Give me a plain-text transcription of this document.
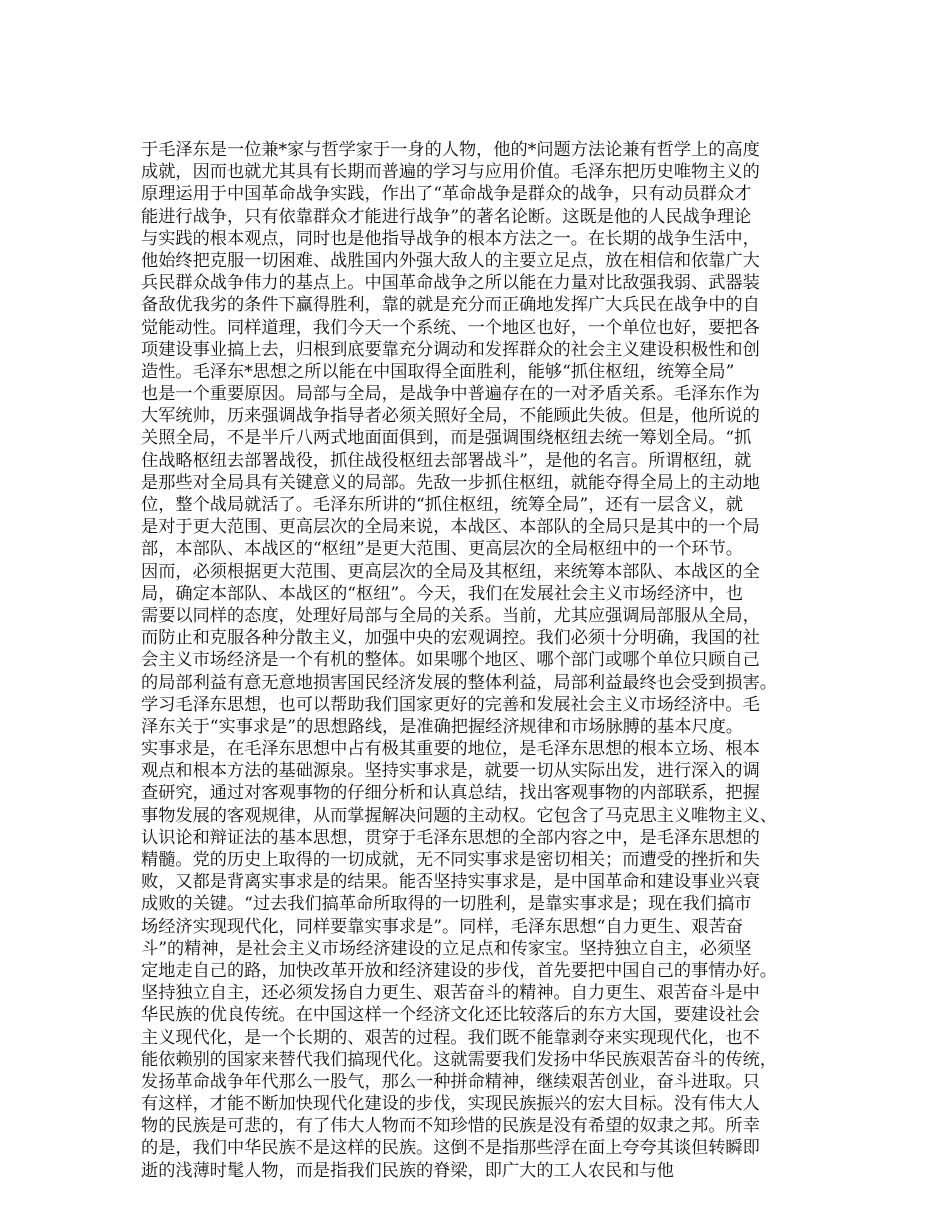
于毛泽东是一位兼*家与哲学家于一身的人物，他的*问题方法论兼有哲学上的高度
成就，因而也就尤其具有长期而普遍的学习与应用价值。毛泽东把历史唯物主义的
原理运用于中国革命战争实践，作出了“革命战争是群众的战争，只有动员群众才
能进行战争，只有依靠群众才能进行战争”的著名论断。这既是他的人民战争理论
与实践的根本观点，同时也是他指导战争的根本方法之一。在长期的战争生活中，
他始终把克服一切困难、战胜国内外强大敌人的主要立足点，放在相信和依靠广大
兵民群众战争伟力的基点上。中国革命战争之所以能在力量对比敌强我弱、武器装
备敌优我劣的条件下赢得胜利，靠的就是充分而正确地发挥广大兵民在战争中的自
觉能动性。同样道理，我们今天一个系统、一个地区也好，一个单位也好，要把各
项建设事业搞上去，归根到底要靠充分调动和发挥群众的社会主义建设积极性和创
造性。毛泽东*思想之所以能在中国取得全面胜利，能够“抓住枢纽，统筹全局”
也是一个重要原因。局部与全局，是战争中普遍存在的一对矛盾关系。毛泽东作为
大军统帅，历来强调战争指导者必须关照好全局，不能顾此失彼。但是，他所说的
关照全局，不是半斤八两式地面面俱到，而是强调围绕枢纽去统一筹划全局。“抓
住战略枢纽去部署战役，抓住战役枢纽去部署战斗”，是他的名言。所谓枢纽，就
是那些对全局具有关键意义的局部。先敌一步抓住枢纽，就能夺得全局上的主动地
位，整个战局就活了。毛泽东所讲的“抓住枢纽，统筹全局”，还有一层含义，就
是对于更大范围、更高层次的全局来说，本战区、本部队的全局只是其中的一个局
部，本部队、本战区的“枢纽”是更大范围、更高层次的全局枢纽中的一个环节。
因而，必须根据更大范围、更高层次的全局及其枢纽，来统筹本部队、本战区的全
局，确定本部队、本战区的“枢纽”。今天，我们在发展社会主义市场经济中，也
需要以同样的态度，处理好局部与全局的关系。当前，尤其应强调局部服从全局，
而防止和克服各种分散主义，加强中央的宏观调控。我们必须十分明确，我国的社
会主义市场经济是一个有机的整体。如果哪个地区、哪个部门或哪个单位只顾自己
的局部利益有意无意地损害国民经济发展的整体利益，局部利益最终也会受到损害。
学习毛泽东思想，也可以帮助我们国家更好的完善和发展社会主义市场经济中。毛
泽东关于“实事求是”的思想路线，是准确把握经济规律和市场脉膊的基本尺度。
实事求是，在毛泽东思想中占有极其重要的地位，是毛泽东思想的根本立场、根本
观点和根本方法的基础源泉。坚持实事求是，就要一切从实际出发，进行深入的调
查研究，通过对客观事物的仔细分析和认真总结，找出客观事物的内部联系，把握
事物发展的客观规律，从而掌握解决问题的主动权。它包含了马克思主义唯物主义、
认识论和辩证法的基本思想，贯穿于毛泽东思想的全部内容之中，是毛泽东思想的
精髓。党的历史上取得的一切成就，无不同实事求是密切相关；而遭受的挫折和失
败，又都是背离实事求是的结果。能否坚持实事求是，是中国革命和建设事业兴衰
成败的关键。“过去我们搞革命所取得的一切胜利，是靠实事求是；现在我们搞市
场经济实现现代化，同样要靠实事求是”。同样，毛泽东思想“自力更生、艰苦奋
斗”的精神，是社会主义市场经济建设的立足点和传家宝。坚持独立自主，必须坚
定地走自己的路，加快改革开放和经济建设的步伐，首先要把中国自己的事情办好。
坚持独立自主，还必须发扬自力更生、艰苦奋斗的精神。自力更生、艰苦奋斗是中
华民族的优良传统。在中国这样一个经济文化还比较落后的东方大国，要建设社会
主义现代化，是一个长期的、艰苦的过程。我们既不能靠剥夺来实现现代化，也不
能依赖别的国家来替代我们搞现代化。这就需要我们发扬中华民族艰苦奋斗的传统，
发扬革命战争年代那么一股气，那么一种拼命精神，继续艰苦创业，奋斗进取。只
有这样，才能不断加快现代化建设的步伐，实现民族振兴的宏大目标。没有伟大人
物的民族是可悲的，有了伟大人物而不知珍惜的民族是没有希望的奴隶之邦。所幸
的是，我们中华民族不是这样的民族。这倒不是指那些浮在面上夸夸其谈但转瞬即
逝的浅薄时髦人物，而是指我们民族的脊梁，即广大的工人农民和与他
